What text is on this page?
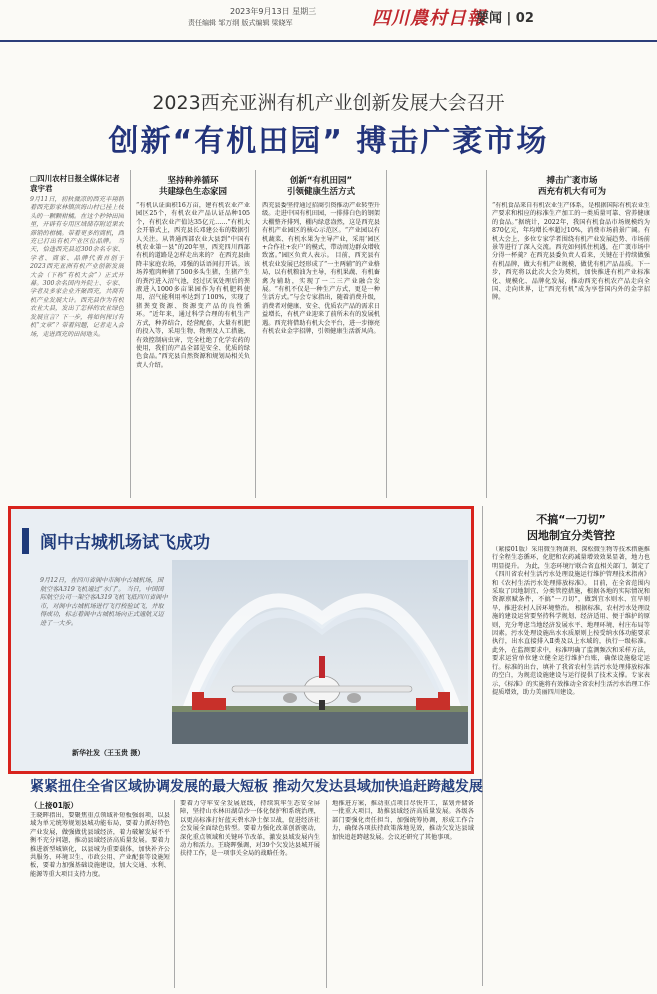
2023年9月13日 星期三
责任编辑 邹万纲 版式编辑 梁晓军	四川農村日報
要闻 | 02
2023西充亚洲有机产业创新发展大会召开
创新“有机田园” 搏击广袤市场
□四川农村日报全媒体记者 袁宇君
9月11日，初秋微凉的西充丰翔朝着西充彭家林镇滨海山村已挂上枝头的一颗颗柑橘。在这个秒钟田园里，开辟有专用区域储存附近果农滞销的柑橘。带着更多的商机，西充已打出有机产业区位品牌。 当天，恰逢西充县近300余名专家、学者、商家、品牌代表首创于2023西充亚洲有机产业创新发展大会（下称“有机大会”）正式开幕。300余名国内外院士、专家、学者及多家企业齐聚西充，共商有机产业发展大计。西充县作为有机农业大县，发出了怎样的农业绿色发展宣言？下一步，将如何探讨有机“文章”？带着问题，记者走入会场，走进西充的田间地头。
坚持种养循环
共建绿色生态家园
“有机认证面积16万亩，建有机农业产业园区25个，有机农业产品认证品种105个，有机农业产值达35亿元……”有机大会开幕式上，西充县长邓建公布的数据引人关注。从普通西部农业大县到“中国有机农业第一县”的20年里，西充四川西部有机的道路是怎样走出来的？ 在西充县曲降丰家庭农场，邓强的话语间打开话。该场养殖肉种猪了500多头生猪，生猪产生的粪污进入沼气池，经过厌氧处理后的粪液进入1000多亩果园作为有机肥料使用，沼气能利用率达到了100%，实现了猪粪变资源、资源变产品的良性循环。“近年来，通过科学合理的有机生产方式，种养结合，经营配套，大量有机肥的投入等，采用生物、物理及人工措施，有效控制病虫害，完全杜绝了化学农药的使用，我们的产品全部是安全、优质的绿色食品。”西充县自然资源和规划局相关负责人介绍。
创新“有机田园”
引领健康生活方式
西充县委坚持通过招商引资推动产业转型升级。走进中国有机田园，一排排白色的钢架大棚整齐排列，棚内绿意盎然，这是西充县有机产业园区的核心示范区。“产业园以有机蔬菜、有机水果为主导产业，采用‘园区+合作社+农户’的模式，带动周边群众增收致富。”园区负责人表示。 目前，西充县有机农业发展已经形成了“一主两辅”的产业格局，以有机粮油为主导，有机果蔬、有机畜禽为辅助，实现了一二三产业融合发展。“有机不仅是一种生产方式，更是一种生活方式。”与会专家指出，随着消费升级，消费者对健康、安全、优质农产品的需求日益增长，有机产业迎来了前所未有的发展机遇。西充将借助有机大会平台，进一步擦亮有机农业金字招牌，引领健康生活新风尚。
搏击广袤市场
西充有机大有可为
“有机食品来自有机农业生产体系，是根据国际有机农业生产要求和相应的标准生产加工的一类质量可靠、营养健康的食品。”据统计，2022年，我国有机食品市场规模约为870亿元，年均增长率超过10%，消费市场前景广阔。有机大会上，多位专家学者围绕有机产业发展趋势、市场前景等进行了深入交流。西充如何抓住机遇，在广袤市场中分得一杯羹？在西充县委负责人看来，关键在于持续做强有机品牌，做大有机产业规模，做优有机产品品质。下一步，西充将以此次大会为契机，加快推进有机产业标准化、规模化、品牌化发展，推动西充有机农产品走向全国、走向世界，让“西充有机”成为享誉国内外的金字招牌。
阆中古城机场试飞成功
9月12日，在四川省阆中市阆中古城机场，国航空客A319飞机通过“水门”。 当日，中国国际航空公司一架空客A319飞机飞抵四川省阆中市，对阆中古城机场进行飞行校验试飞，并取得成功，标志着阆中古城机场向正式通航又迈进了一大步。
新华社发（王玉贵 摄）
不搞“一刀切”
因地制宜分类管控
（紧接01版）采用微生物菌剂、深松微生物等技术措施推行全程生态循环，化肥和农药减量增效效果显著，地力也明显提升。 为此，生态环境厅联合省直相关部门，制定了《四川省农村生活污水处理设施运行维护管理技术指南》和《农村生活污水处理排放标准》。 目前，在全省范围内采取了因地制宜、分类管控措施，根据各地的实际情况和资源禀赋条件，不搞“一刀切”，做到宜水则水、宜旱则旱，推进农村人居环境整治。 根据标准，农村污水处理设施的建设运营要坚持科学规划、经济适用、便于维护的原则，充分考虑当地经济发展水平、地理环境、村庄布局等因素。污水处理设施出水水质原则上按受纳水体功能要求执行，出水直接排入Ⅱ类及以上水域的，执行一级标准。 此外，在监测要求中，标准明确了监测频次和采样方法，要求运营单位建立健全运行维护台账，确保设施稳定运行。标准的出台，填补了我省农村生活污水处理排放标准的空白，为规范设施建设与运行提供了技术支撑。专家表示，《标准》的实施将有效推动全省农村生活污水治理工作提质增效，助力美丽四川建设。
紧紧扭住全省区域协调发展的最大短板 推动欠发达县域加快追赶跨越发展
（上接01版）
王晓晖指出，要聚焦重点领域补短板强弱项，以县域为单元统筹规划县城功能布局，要着力抓好特色产业发展，做强做优县域经济，着力破解发展不平衡不充分问题，推动县域经济高质量发展。要着力推进新型城镇化，以县城为重要载体，加快补齐公共服务、环境卫生、市政公用、产业配套等设施短板，要着力加强基础设施建设，加大交通、水利、能源等重大项目支持力度。
要着力守牢安全发展底线，持续筑牢生态安全屏障，坚持山水林田湖草沙一体化保护和系统治理，以更高标准打好蓝天碧水净土保卫战，促进经济社会发展全面绿色转型。要着力强化改革创新驱动，深化重点领域和关键环节改革，激发县域发展内生动力和活力。王晓晖强调，对39个欠发达县城开展扶持工作，是一项事关全局的战略任务。
地推进方案，推动重点项目尽快开工，谋划并储备一批重大项目，助推县域经济高质量发展。各级各部门要强化责任担当，加强统筹协调，形成工作合力，确保各项扶持政策落地见效，推动欠发达县域加快追赶跨越发展。会议还研究了其他事项。
